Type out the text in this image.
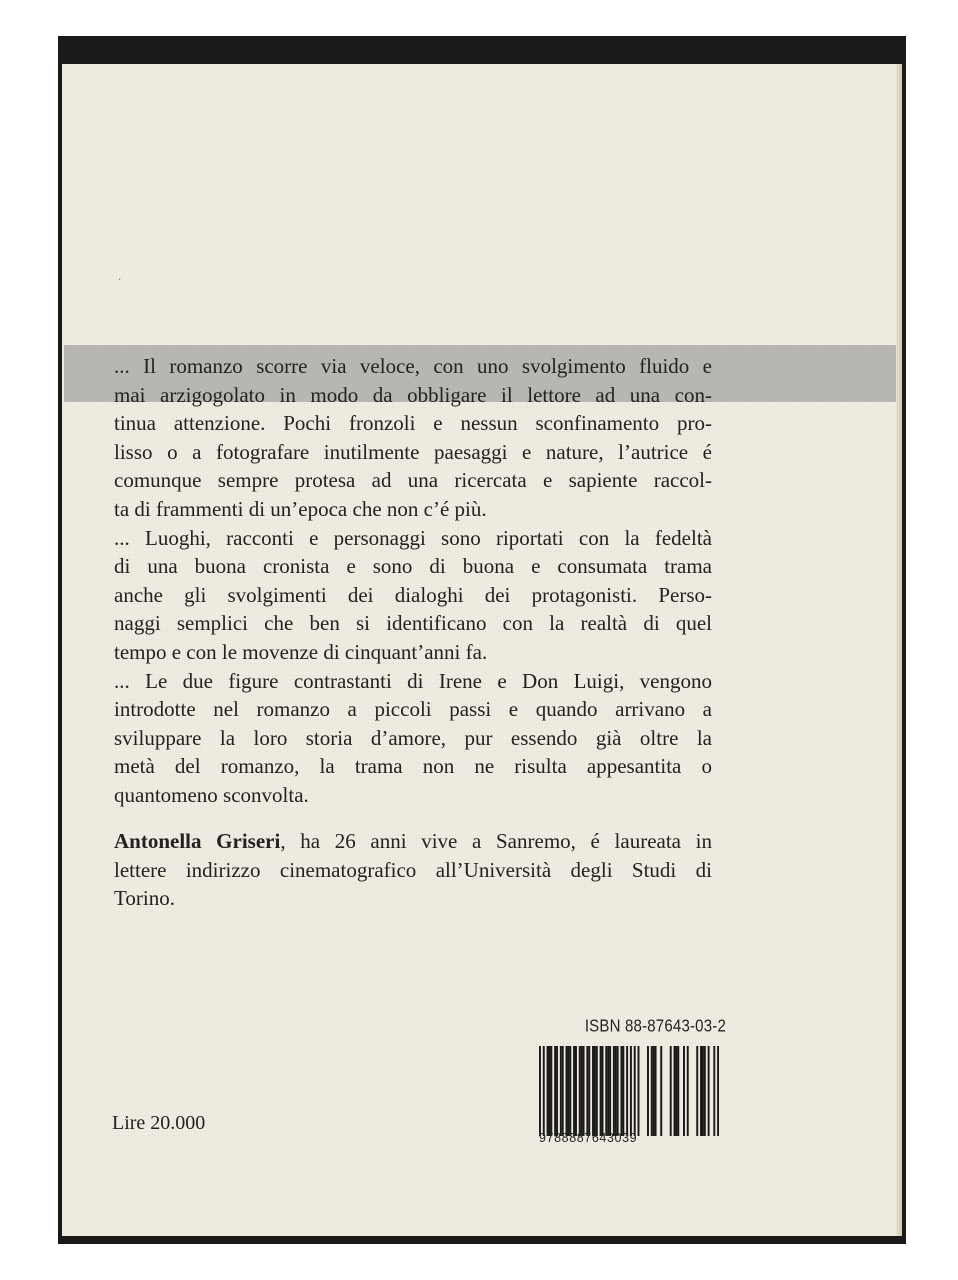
´

... Il romanzo scorre via veloce, con uno svolgimento fluido e
mai arzigogolato in modo da obbligare il lettore ad una con-
tinua attenzione. Pochi fronzoli e nessun sconfinamento pro-
lisso o a fotografare inutilmente paesaggi e nature, l’autrice é
comunque sempre protesa ad una ricercata e sapiente raccol-
ta di frammenti di un’epoca che non c’é più.

... Luoghi, racconti e personaggi sono riportati con la fedeltà
di una buona cronista e sono di buona e consumata trama
anche gli svolgimenti dei dialoghi dei protagonisti. Perso-
naggi semplici che ben si identificano con la realtà di quel
tempo e con le movenze di cinquant’anni fa.

... Le due figure contrastanti di Irene e Don Luigi, vengono
introdotte nel romanzo a piccoli passi e quando arrivano a
sviluppare la loro storia d’amore, pur essendo già oltre la
metà del romanzo, la trama non ne risulta appesantita o
quantomeno sconvolta.

Antonella Griseri, ha 26 anni vive a Sanremo, é laureata in
lettere indirizzo cinematografico all’Università degli Studi di
Torino.
ISBN 88-87643-03-2
9788887643039
Lire 20.000
